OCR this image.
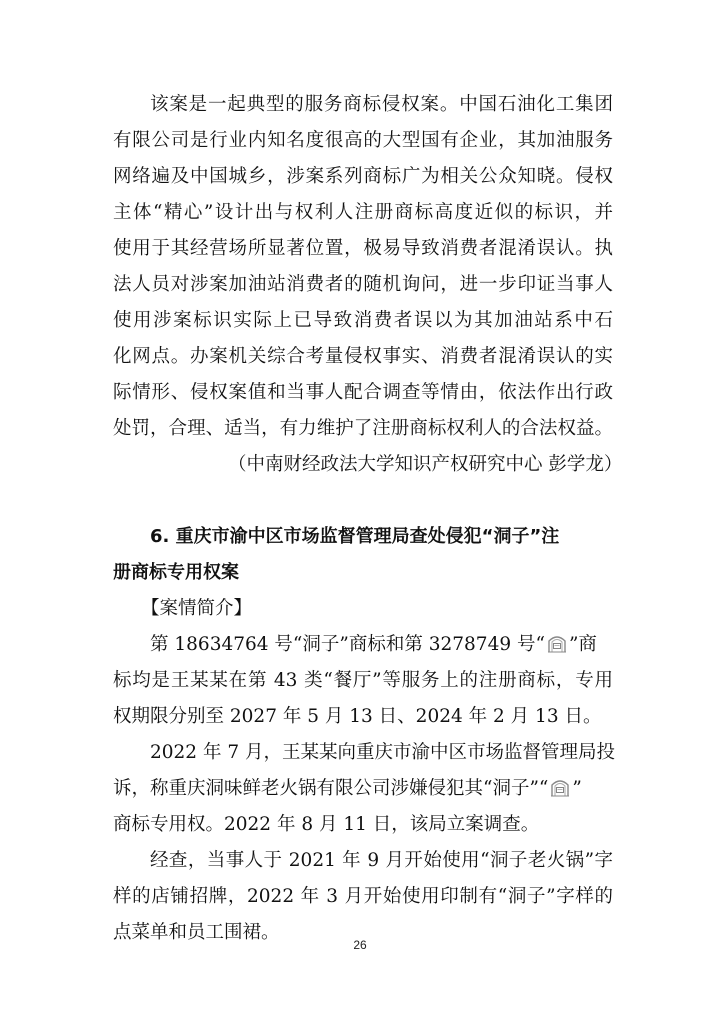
该案是一起典型的服务商标侵权案。中国石油化工集团
有限公司是行业内知名度很高的大型国有企业，其加油服务
网络遍及中国城乡，涉案系列商标广为相关公众知晓。侵权
主体“精心”设计出与权利人注册商标高度近似的标识，并
使用于其经营场所显著位置，极易导致消费者混淆误认。执
法人员对涉案加油站消费者的随机询问，进一步印证当事人
使用涉案标识实际上已导致消费者误以为其加油站系中石
化网点。办案机关综合考量侵权事实、消费者混淆误认的实
际情形、侵权案值和当事人配合调查等情由，依法作出行政
处罚，合理、适当，有力维护了注册商标权利人的合法权益。
（中南财经政法大学知识产权研究中心 彭学龙）
6. 重庆市渝中区市场监督管理局查处侵犯“洞子”注
册商标专用权案
【案情简介】
第 18634764 号“洞子”商标和第 3278749 号“ ”商
标均是王某某在第 43 类“餐厅”等服务上的注册商标，专用
权期限分别至 2027 年 5 月 13 日、2024 年 2 月 13 日。
2022 年 7 月，王某某向重庆市渝中区市场监督管理局投
诉，称重庆洞味鲜老火锅有限公司涉嫌侵犯其“洞子”“ ”
商标专用权。2022 年 8 月 11 日，该局立案调查。
经查，当事人于 2021 年 9 月开始使用“洞子老火锅”字
样的店铺招牌，2022 年 3 月开始使用印制有“洞子”字样的
点菜单和员工围裙。
26
